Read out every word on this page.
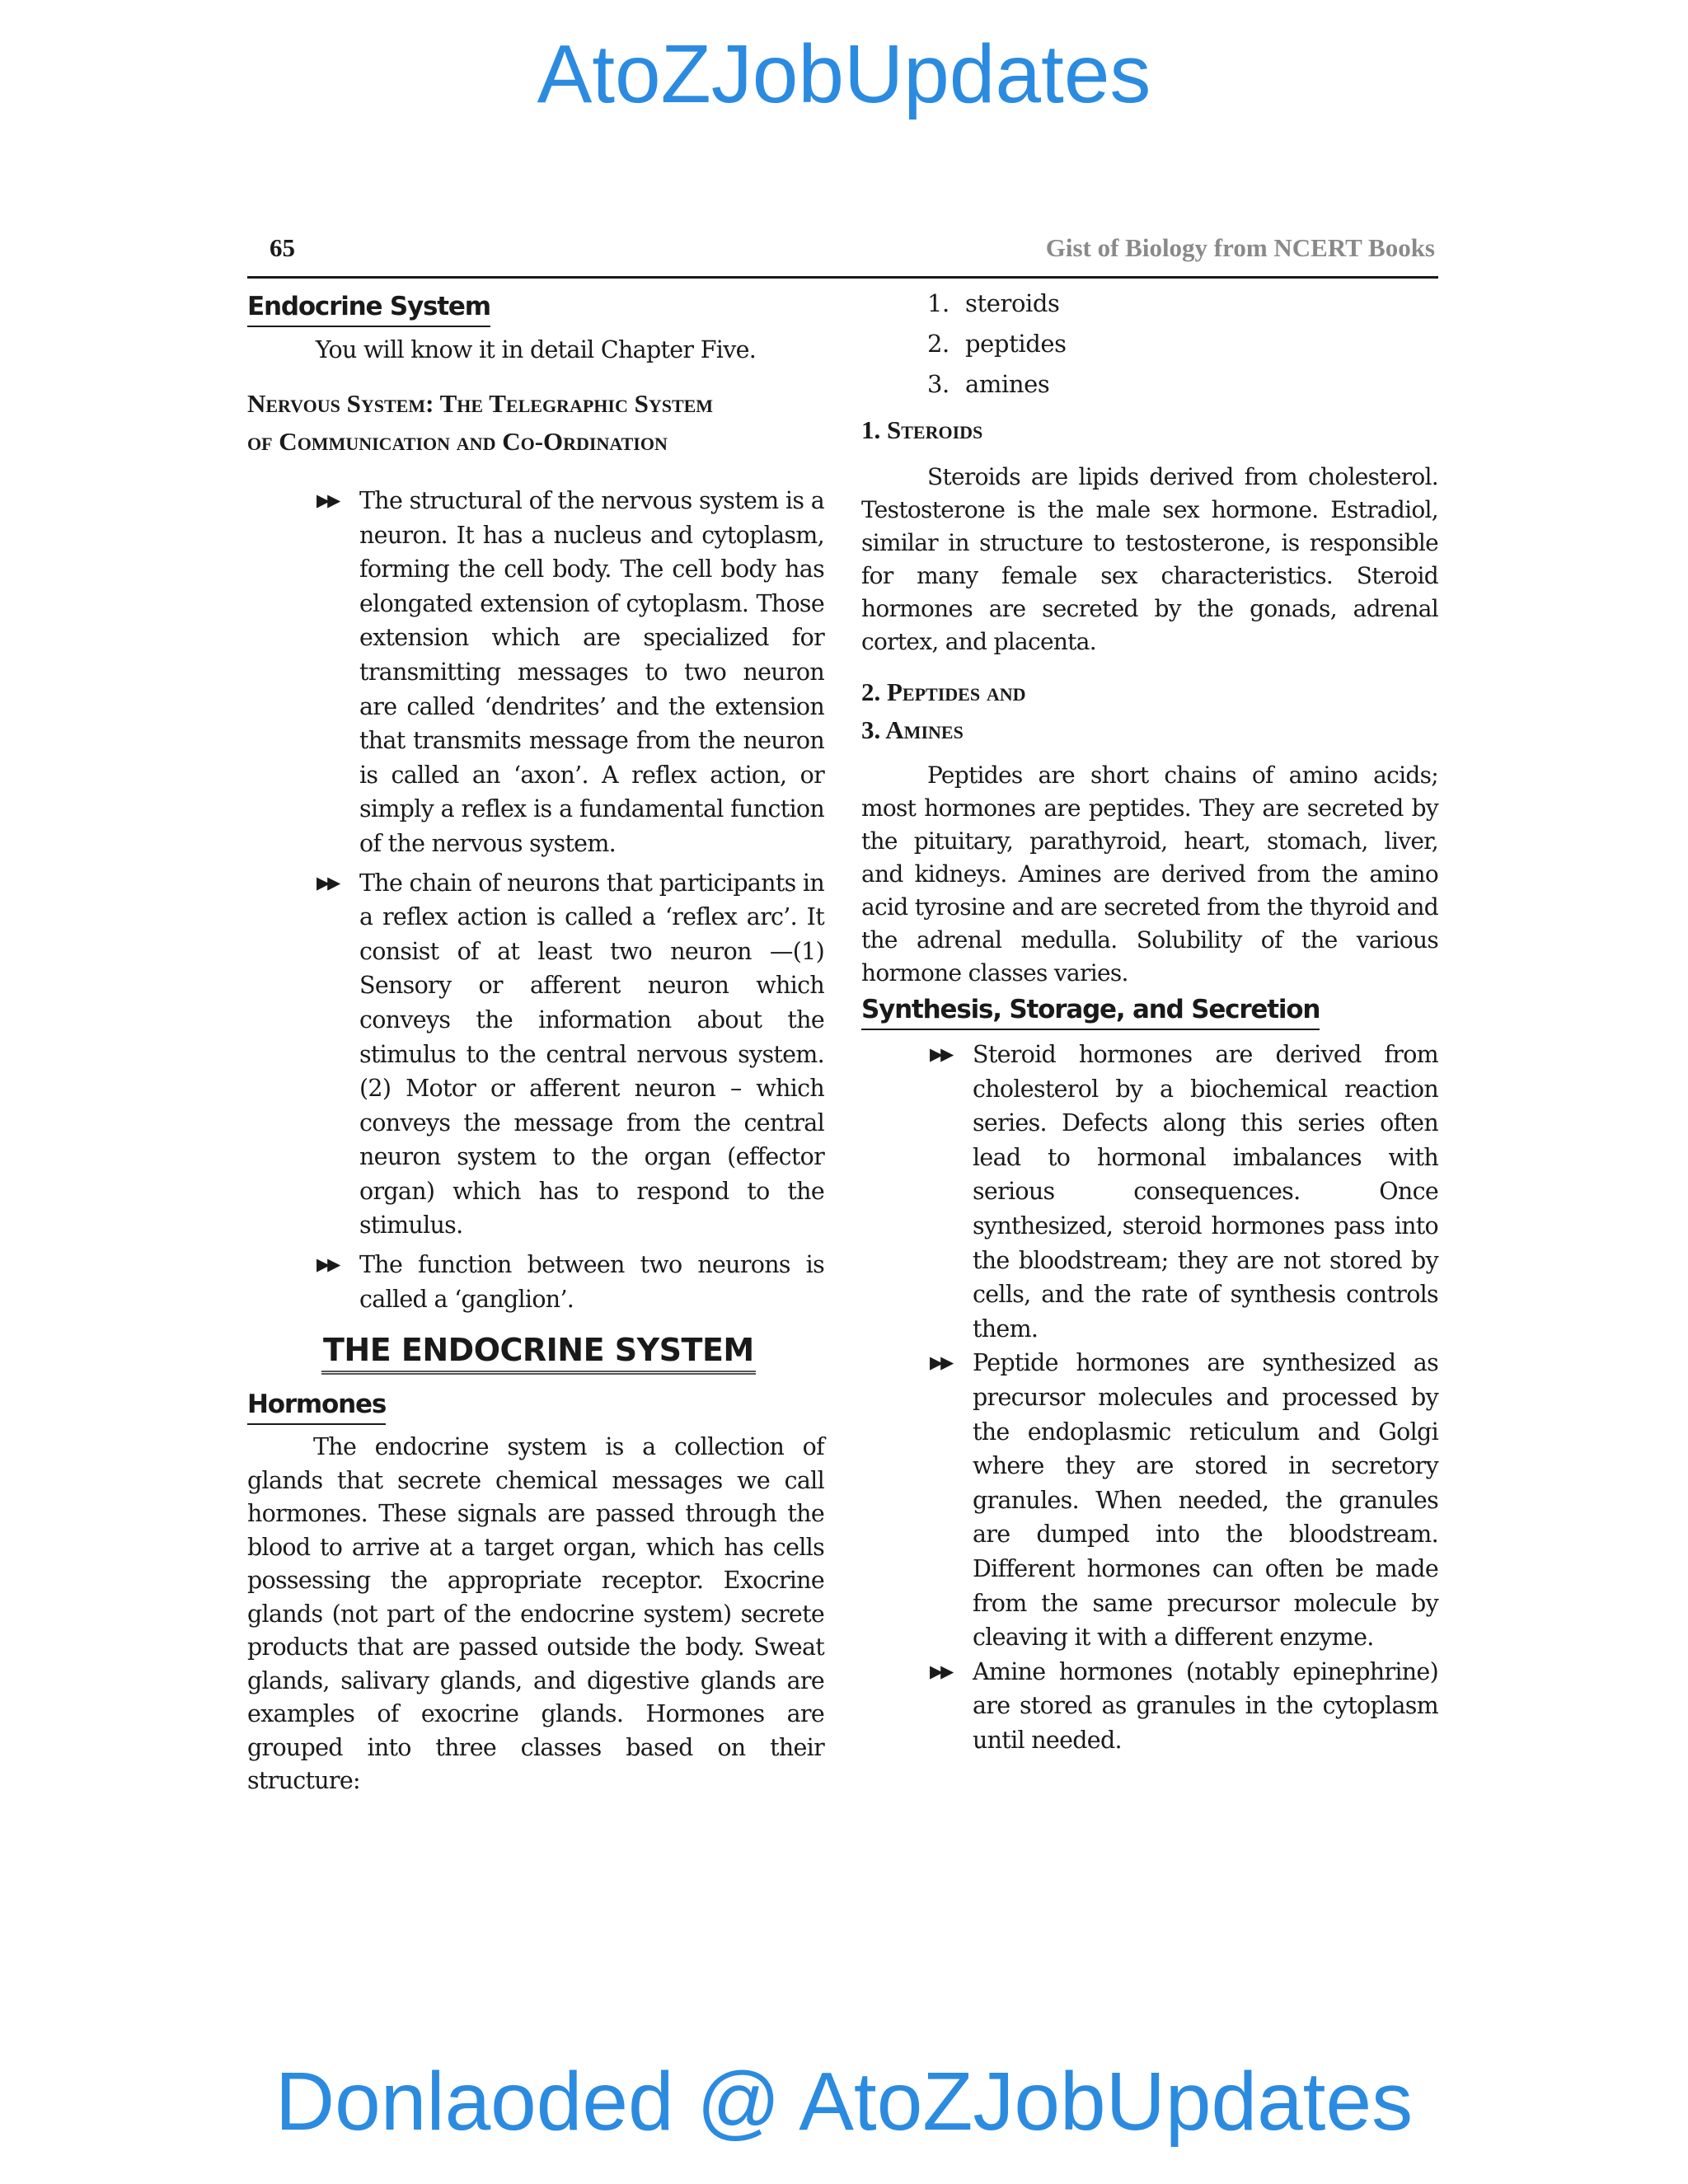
AtoZJobUpdates
65	Gist of Biology from NCERT Books
Endocrine System

You will know it in detail Chapter Five.

Nervous System: The Telegraphic System

of Communication and Co-Ordination

▶▶ The structural of the nervous system is a neuron. It has a nucleus and cytoplasm, forming the cell body. The cell body has elongated extension of cytoplasm. Those extension which are specialized for transmitting messages to two neuron are called ‘dendrites’ and the extension that transmits message from the neuron is called an ‘axon’. A reflex action, or simply a reflex is a fundamental function of the nervous system.
▶▶ The chain of neurons that participants in a reflex action is called a ‘reflex arc’. It consist of at least two neuron —(1) Sensory or afferent neuron which conveys the information about the stimulus to the central nervous system. (2) Motor or afferent neuron – which conveys the message from the central neuron system to the organ (effector organ) which has to respond to the stimulus.
▶▶ The function between two neurons is called a ‘ganglion’.
THE ENDOCRINE SYSTEM
Hormones

The endocrine system is a collection of glands that secrete chemical messages we call hormones. These signals are passed through the blood to arrive at a target organ, which has cells possessing the appropriate receptor. Exocrine glands (not part of the endocrine system) secrete products that are passed outside the body. Sweat glands, salivary glands, and digestive glands are examples of exocrine glands. Hormones are grouped into three classes based on their structure:

1. steroids
2. peptides
3. amines

1. Steroids

Steroids are lipids derived from cholesterol. Testosterone is the male sex hormone. Estradiol, similar in structure to testosterone, is responsible for many female sex characteristics. Steroid hormones are secreted by the gonads, adrenal cortex, and placenta.

2. Peptides and

3. Amines

Peptides are short chains of amino acids; most hormones are peptides. They are secreted by the pituitary, parathyroid, heart, stomach, liver, and kidneys. Amines are derived from the amino acid tyrosine and are secreted from the thyroid and the adrenal medulla. Solubility of the various hormone classes varies.

Synthesis, Storage, and Secretion
▶▶ Steroid hormones are derived from cholesterol by a biochemical reaction series. Defects along this series often lead to hormonal imbalances with serious consequences. Once synthesized, steroid hormones pass into the bloodstream; they are not stored by cells, and the rate of synthesis controls them.
▶▶ Peptide hormones are synthesized as precursor molecules and processed by the endoplasmic reticulum and Golgi where they are stored in secretory granules. When needed, the granules are dumped into the bloodstream. Different hormones can often be made from the same precursor molecule by cleaving it with a different enzyme.
▶▶ Amine hormones (notably epinephrine) are stored as granules in the cytoplasm until needed.
Donlaoded @ AtoZJobUpdates
